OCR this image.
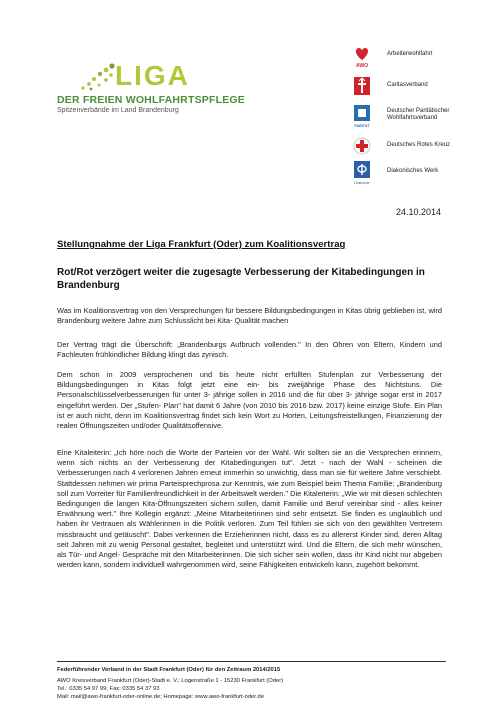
LIGA
DER FREIEN WOHLFAHRTSPFLEGE
Spitzenverbände im Land Brandenburg
AWO
Arbeiterwohlfahrt
Caritasverband
PARITÄT
Deutscher Paritätischer Wohlfahrtsverband
Deutsches Rotes Kreuz
Diakonie
Diakonisches Werk
24.10.2014
Stellungnahme der Liga Frankfurt (Oder) zum Koalitionsvertrag
Rot/Rot verzögert weiter die zugesagte Verbesserung der Kitabedingungen in Brandenburg

Was im Koalitionsvertrag von den Versprechungen für bessere Bildungsbedingungen in Kitas übrig geblieben ist, wird Brandenburg weitere Jahre zum Schlusslicht bei Kita- Qualität machen

Der Vertrag trägt die Überschrift: „Brandenburgs Aufbruch vollenden." In den Ohren von Eltern, Kindern und Fachleuten frühkindlicher Bildung klingt das zynisch.

Dem schon in 2009 versprochenen und bis heute nicht erfüllten Stufenplan zur Verbesserung der Bildungsbedingungen in Kitas folgt jetzt eine ein- bis zweijährige Phase des Nichtstuns. Die Personalschlüsselverbesserungen für unter 3- jährige sollen in 2016 und die für über 3- jährige sogar erst in 2017 eingeführt werden. Der „Stufen- Plan" hat damit 6 Jahre (von 2010 bis 2016 bzw. 2017) keine einzige Stufe. Ein Plan ist er auch nicht, denn im Koalitionsvertrag findet sich kein Wort zu Horten, Leitungsfreistellungen, Finanzierung der realen Öffnungszeiten und/oder Qualitätsoffensive.

Eine Kitaleiterin: „Ich höre noch die Worte der Parteien vor der Wahl. Wir sollten sie an die Versprechen erinnern, wenn sich nichts an der Verbesserung der Kitabedingungen tut". Jetzt - nach der Wahl - scheinen die Verbesserungen nach 4 verlorenen Jahren erneut immerhin so unwichtig, dass man sie für weitere Jahre verschiebt. Stattdessen nehmen wir prima Parteisprechprosa zur Kenntnis, wie zum Beispiel beim Thema Familie: „Brandenburg soll zum Vorreiter für Familienfreundlichkeit in der Arbeitswelt werden." Die Kitaleiterin: „Wie wir mit diesen schlechten Bedingungen die langen Kita-Öffnungszeiten sichern sollen, damit Familie und Beruf vereinbar sind - alles keiner Erwähnung wert." Ihre Kollegin ergänzt: „Meine Mitarbeiterinnen sind sehr entsetzt. Sie finden es unglaublich und haben ihr Vertrauen als Wählerinnen in die Politik verloren. Zum Teil fühlen sie sich von den gewählten Vertretern missbraucht und getäuscht". Dabei verkennen die Erzieherinnen nicht, dass es zu allererst Kinder sind, deren Alltag seit Jahren mit zu wenig Personal gestaltet, begleitet und unterstützt wird. Und die Eltern, die sich mehr wünschen, als Tür- und Angel- Gespräche mit den Mitarbeiterinnen. Die sich sicher sein wollen, dass ihr Kind nicht nur abgeben werden kann, sondern individuell wahrgenommen wird, seine Fähigkeiten entwickeln kann, zugehört bekommt.

Federführender Verband in der Stadt Frankfurt (Oder) für den Zeitraum 2014/2015
AWO Kreisverband Frankfurt (Oder)-Stadt e. V.; Logenstraße 1 - 15230 Frankfurt (Oder)
Tel.: 0335 54 97 99; Fax: 0335 54 37 93
Mail: mail@awo-frankfurt-oder-online.de; Homepage: www.awo-frankfurt-oder.de
